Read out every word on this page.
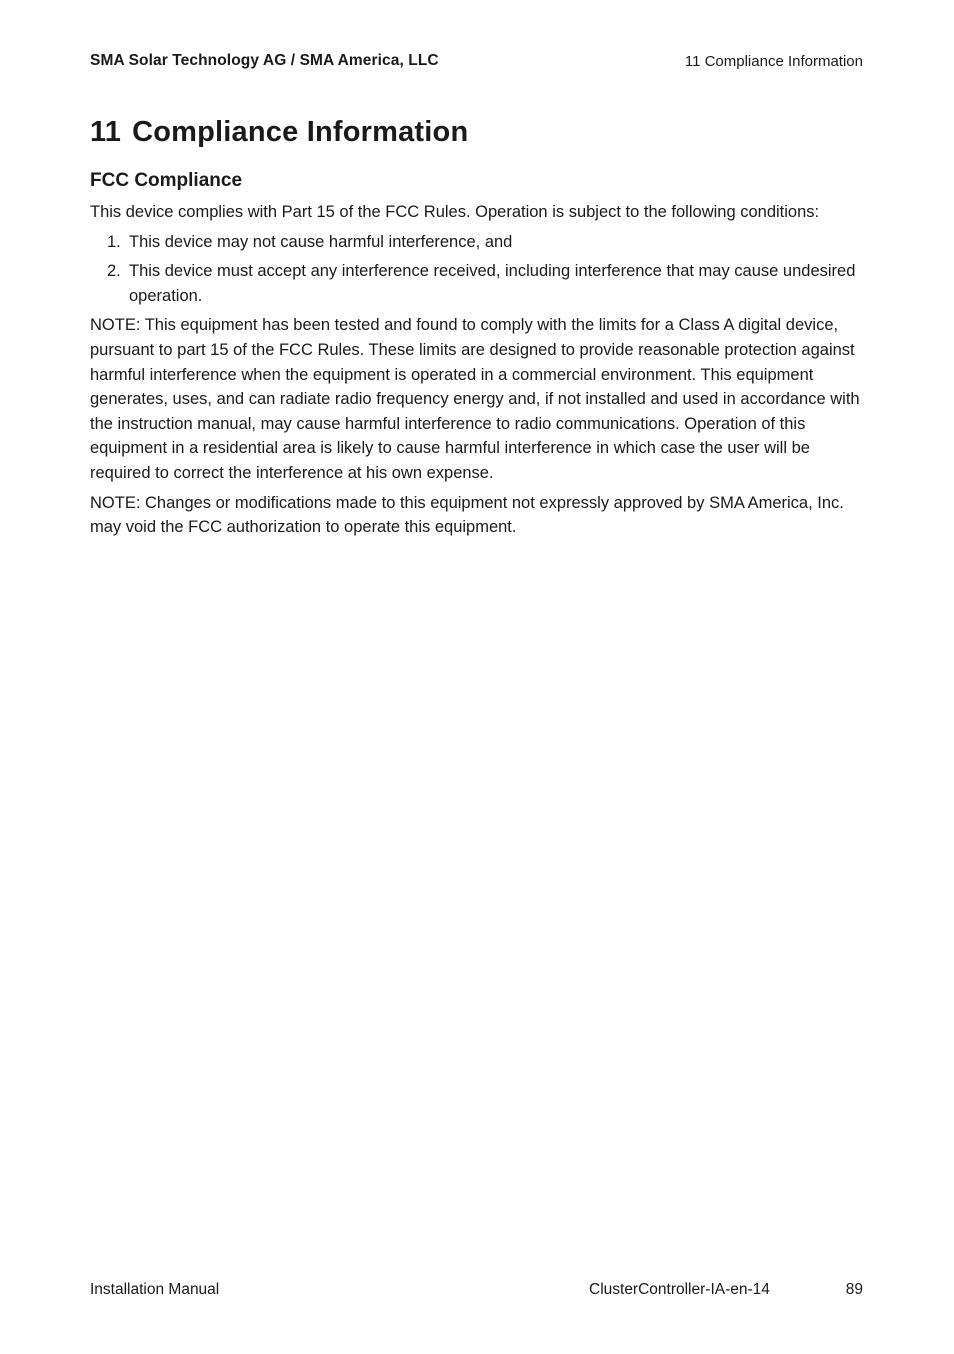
SMA Solar Technology AG / SMA America, LLC	11 Compliance Information
11 Compliance Information
FCC Compliance

This device complies with Part 15 of the FCC Rules. Operation is subject to the following conditions:

1. This device may not cause harmful interference, and
2. This device must accept any interference received, including interference that may cause undesired operation.

NOTE: This equipment has been tested and found to comply with the limits for a Class A digital device, pursuant to part 15 of the FCC Rules. These limits are designed to provide reasonable protection against harmful interference when the equipment is operated in a commercial environment. This equipment generates, uses, and can radiate radio frequency energy and, if not installed and used in accordance with the instruction manual, may cause harmful interference to radio communications. Operation of this equipment in a residential area is likely to cause harmful interference in which case the user will be required to correct the interference at his own expense.

NOTE: Changes or modifications made to this equipment not expressly approved by SMA America, Inc. may void the FCC authorization to operate this equipment.

Installation Manual	ClusterController-IA-en-14	89
